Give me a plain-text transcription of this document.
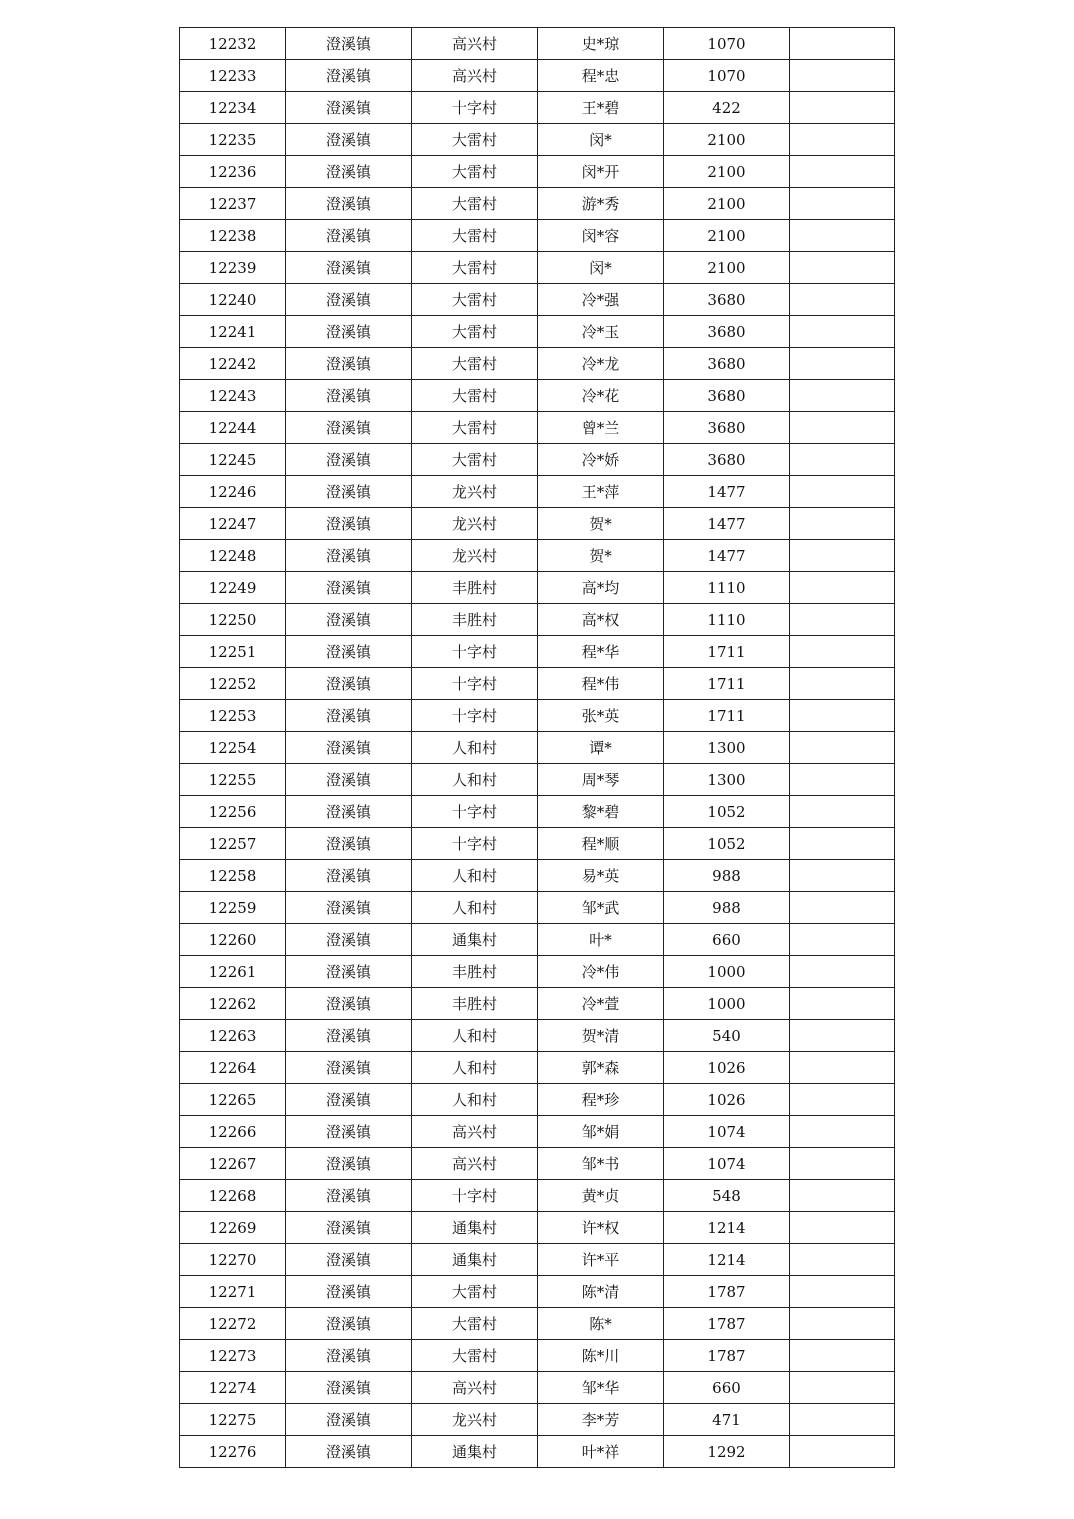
12232	澄溪镇	高兴村	史*琼	1070	
12233	澄溪镇	高兴村	程*忠	1070	
12234	澄溪镇	十字村	王*碧	422	
12235	澄溪镇	大雷村	闵*	2100	
12236	澄溪镇	大雷村	闵*开	2100	
12237	澄溪镇	大雷村	游*秀	2100	
12238	澄溪镇	大雷村	闵*容	2100	
12239	澄溪镇	大雷村	闵*	2100	
12240	澄溪镇	大雷村	冷*强	3680	
12241	澄溪镇	大雷村	冷*玉	3680	
12242	澄溪镇	大雷村	冷*龙	3680	
12243	澄溪镇	大雷村	冷*花	3680	
12244	澄溪镇	大雷村	曾*兰	3680	
12245	澄溪镇	大雷村	冷*娇	3680	
12246	澄溪镇	龙兴村	王*萍	1477	
12247	澄溪镇	龙兴村	贺*	1477	
12248	澄溪镇	龙兴村	贺*	1477	
12249	澄溪镇	丰胜村	高*均	1110	
12250	澄溪镇	丰胜村	高*权	1110	
12251	澄溪镇	十字村	程*华	1711	
12252	澄溪镇	十字村	程*伟	1711	
12253	澄溪镇	十字村	张*英	1711	
12254	澄溪镇	人和村	谭*	1300	
12255	澄溪镇	人和村	周*琴	1300	
12256	澄溪镇	十字村	黎*碧	1052	
12257	澄溪镇	十字村	程*顺	1052	
12258	澄溪镇	人和村	易*英	988	
12259	澄溪镇	人和村	邹*武	988	
12260	澄溪镇	通集村	叶*	660	
12261	澄溪镇	丰胜村	冷*伟	1000	
12262	澄溪镇	丰胜村	冷*萱	1000	
12263	澄溪镇	人和村	贺*清	540	
12264	澄溪镇	人和村	郭*森	1026	
12265	澄溪镇	人和村	程*珍	1026	
12266	澄溪镇	高兴村	邹*娟	1074	
12267	澄溪镇	高兴村	邹*书	1074	
12268	澄溪镇	十字村	黄*贞	548	
12269	澄溪镇	通集村	许*权	1214	
12270	澄溪镇	通集村	许*平	1214	
12271	澄溪镇	大雷村	陈*清	1787	
12272	澄溪镇	大雷村	陈*	1787	
12273	澄溪镇	大雷村	陈*川	1787	
12274	澄溪镇	高兴村	邹*华	660	
12275	澄溪镇	龙兴村	李*芳	471	
12276	澄溪镇	通集村	叶*祥	1292	
